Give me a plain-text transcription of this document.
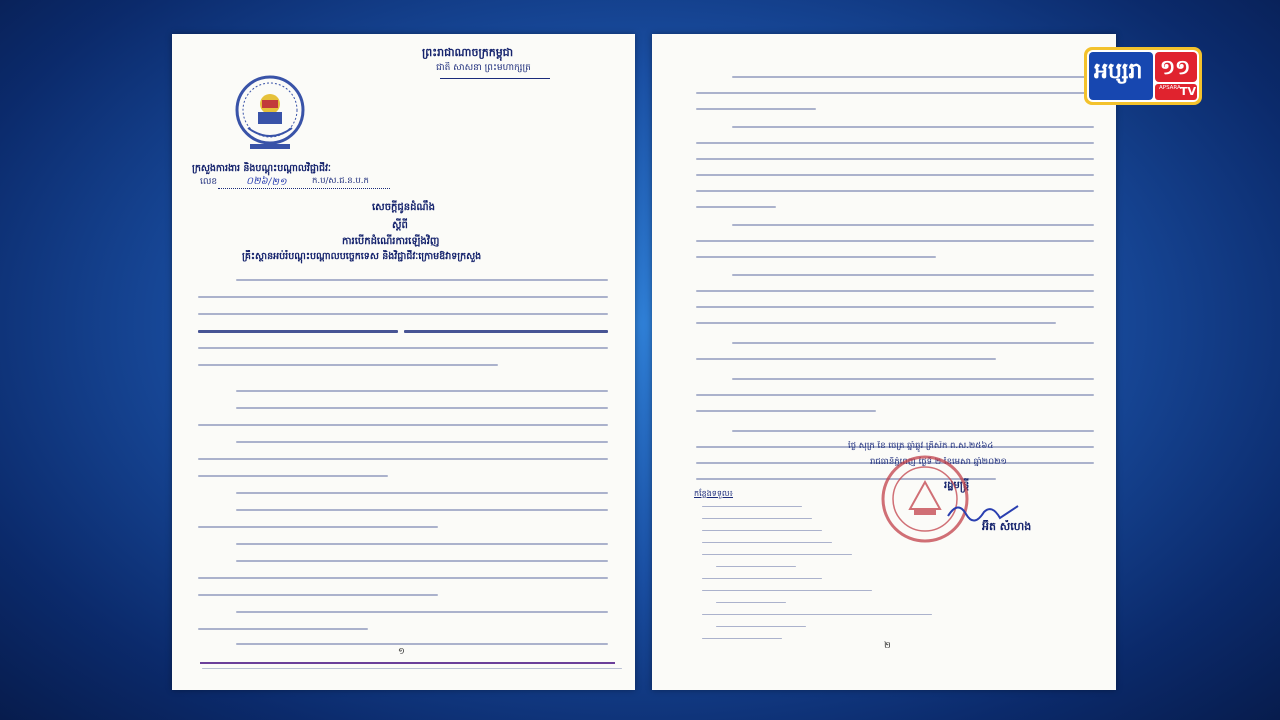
ព្រះរាជាណាចក្រកម្ពុជា
ជាតិ សាសនា ព្រះមហាក្សត្រ
ក្រសួងការងារ និងបណ្តុះបណ្តាលវិជ្ជាជីវៈ
លេខ	០២៦ /២១	ក.ប/ស.ជ.ន.ប.ក
សេចក្តីជូនដំណឹង
ស្តីពី
ការបើកដំណើរការឡើងវិញ
គ្រឹះស្ថានអប់រំបណ្តុះបណ្តាលបច្ចេកទេស និងវិជ្ជាជីវៈក្រោមឱវាទក្រសួង
១
ថ្ងៃ សុក្រ ខែ ចេត្រ ឆ្នាំឆ្លូវ ត្រីស័ក ព.ស.២៥៦៤
រាជធានីភ្នំពេញ ថ្ងៃទី ២ ខែមេសា ឆ្នាំ២០២១
រដ្ឋមន្ត្រី
អ៊ិត សំហេង
កន្លែងទទួល៖
២
អប្សរា ១១
APSARA TV
